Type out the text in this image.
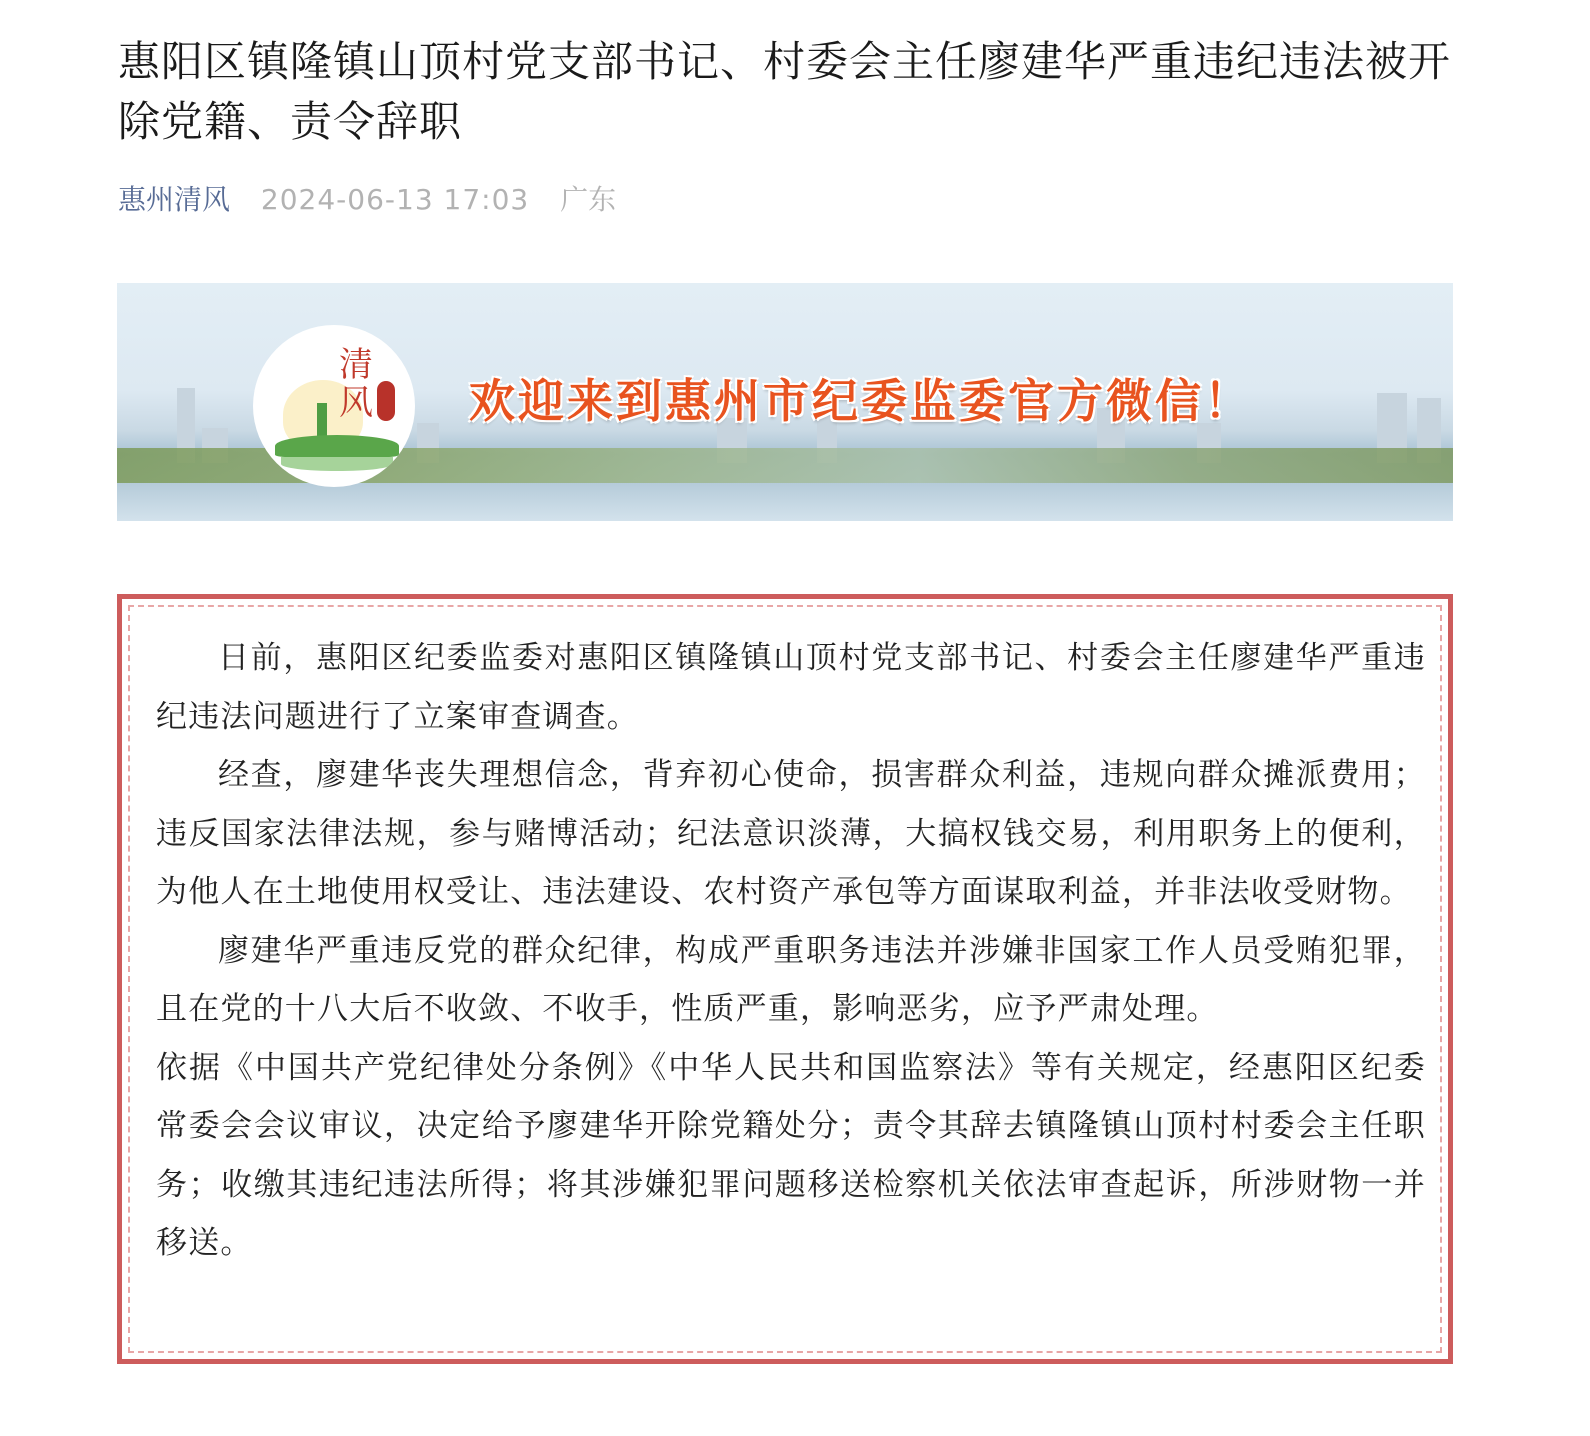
惠阳区镇隆镇山顶村党支部书记、村委会主任廖建华严重违纪违法被开除党籍、责令辞职
惠州清风 2024-06-13 17:03 广东
清
风 欢迎来到惠州市纪委监委官方微信！

日前，惠阳区纪委监委对惠阳区镇隆镇山顶村党支部书记、村委会主任廖建华严重违纪违法问题进行了立案审查调查。

经查，廖建华丧失理想信念，背弃初心使命，损害群众利益，违规向群众摊派费用；违反国家法律法规，参与赌博活动；纪法意识淡薄，大搞权钱交易，利用职务上的便利，为他人在土地使用权受让、违法建设、农村资产承包等方面谋取利益，并非法收受财物。

廖建华严重违反党的群众纪律，构成严重职务违法并涉嫌非国家工作人员受贿犯罪，且在党的十八大后不收敛、不收手，性质严重，影响恶劣，应予严肃处理。

依据《中国共产党纪律处分条例》《中华人民共和国监察法》等有关规定，经惠阳区纪委常委会会议审议，决定给予廖建华开除党籍处分；责令其辞去镇隆镇山顶村村委会主任职务；收缴其违纪违法所得；将其涉嫌犯罪问题移送检察机关依法审查起诉，所涉财物一并移送。
